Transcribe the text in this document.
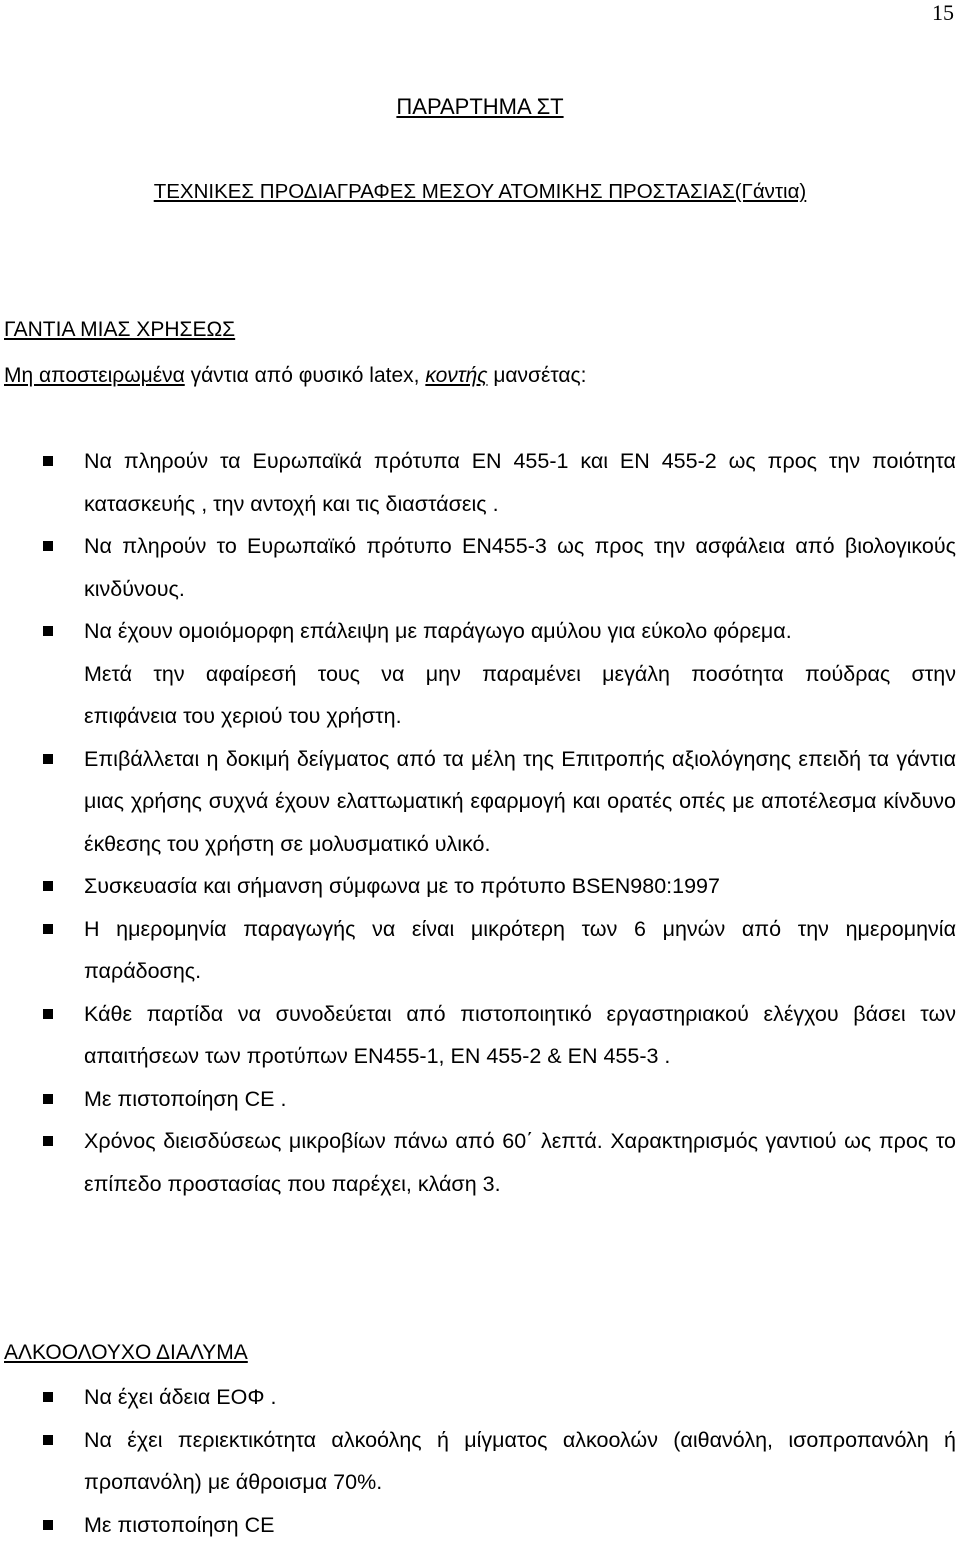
15
ΠΑΡΑΡΤΗΜΑ ΣΤ
ΤΕΧΝΙΚΕΣ ΠΡΟΔΙΑΓΡΑΦΕΣ ΜΕΣΟΥ ΑΤΟΜΙΚΗΣ ΠΡΟΣΤΑΣΙΑΣ(Γάντια)
ΓΑΝΤΙΑ ΜΙΑΣ ΧΡΗΣΕΩΣ
Μη αποστειρωμένα γάντια από φυσικό latex, κοντής μανσέτας:
Να πληρούν τα Ευρωπαϊκά πρότυπα ΕΝ 455-1 και ΕΝ 455-2 ως προς την ποιότητα κατασκευής , την αντοχή και τις διαστάσεις .
Να πληρούν το Ευρωπαϊκό πρότυπο ΕΝ455-3 ως προς την ασφάλεια από βιολογικούς κινδύνους.
Να έχουν ομοιόμορφη επάλειψη με παράγωγο αμύλου για εύκολο φόρεμα.
Μετά την αφαίρεσή τους να μην παραμένει μεγάλη ποσότητα πούδρας στην
επιφάνεια του χεριού του χρήστη.
Επιβάλλεται η δοκιμή δείγματος από τα μέλη της Επιτροπής αξιολόγησης επειδή τα γάντια μιας χρήσης συχνά έχουν ελαττωματική εφαρμογή και ορατές οπές με αποτέλεσμα κίνδυνο έκθεσης του χρήστη σε μολυσματικό υλικό.
Συσκευασία και σήμανση σύμφωνα με το πρότυπο BSEN980:1997
Η ημερομηνία παραγωγής να είναι μικρότερη των 6 μηνών από την ημερομηνία παράδοσης.
Κάθε παρτίδα να συνοδεύεται από πιστοποιητικό εργαστηριακού ελέγχου βάσει των απαιτήσεων των προτύπων ΕΝ455-1, ΕΝ 455-2 & ΕΝ 455-3 .
Με πιστοποίηση CE .
Χρόνος διεισδύσεως μικροβίων πάνω από 60΄ λεπτά. Χαρακτηρισμός γαντιού ως προς το επίπεδο προστασίας που παρέχει, κλάση 3.
ΑΛΚΟΟΛΟΥΧΟ ΔΙΑΛΥΜΑ
Να έχει άδεια ΕΟΦ .
Να έχει περιεκτικότητα αλκοόλης ή μίγματος αλκοολών (αιθανόλη, ισοπροπανόλη ή προπανόλη) με άθροισμα 70%.
Με πιστοποίηση CE
